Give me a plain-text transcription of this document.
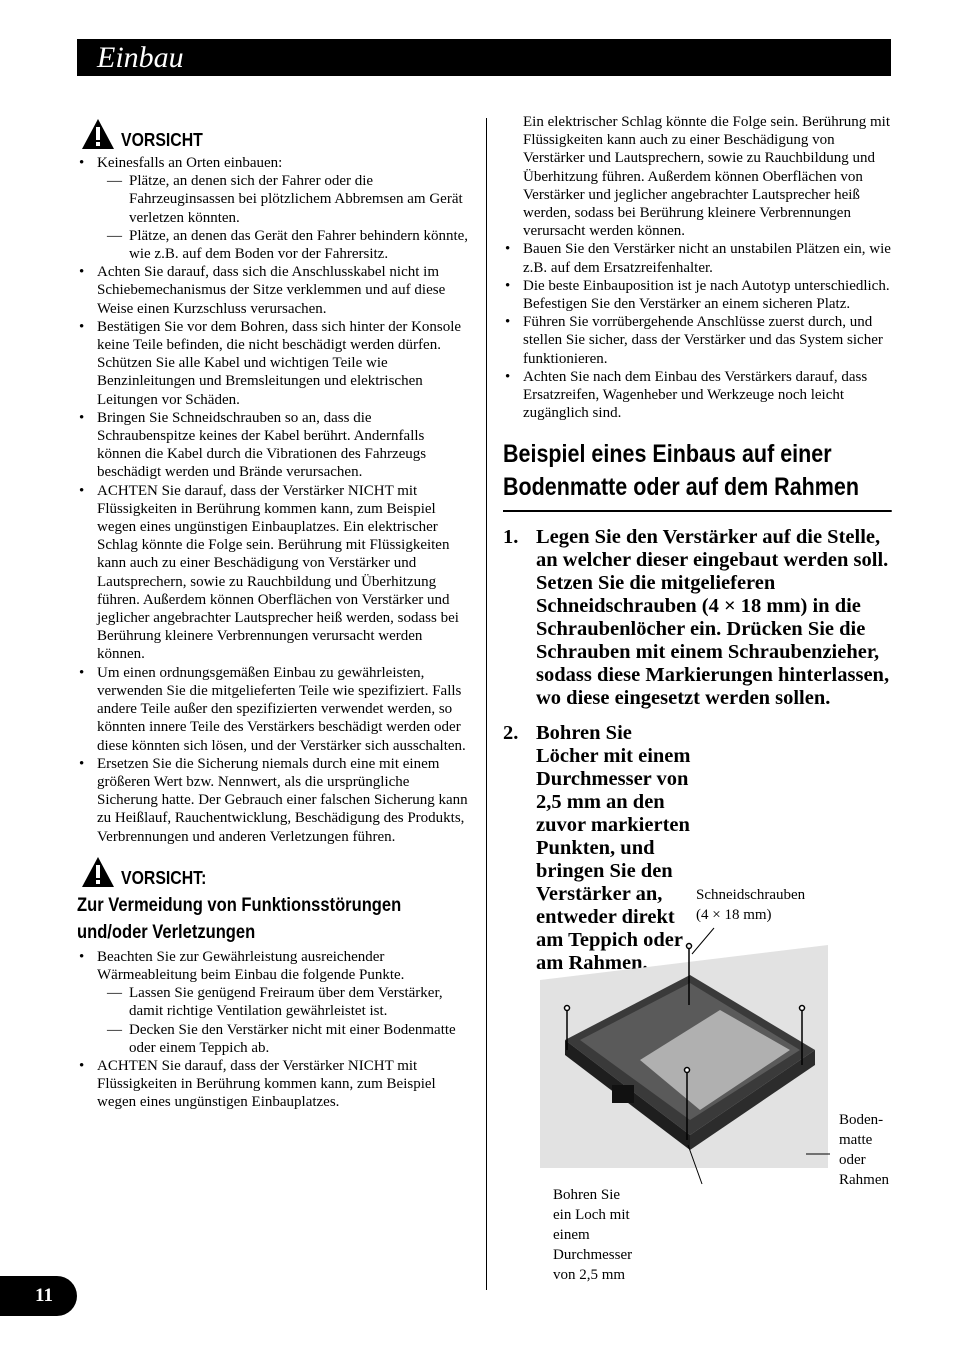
Einbau
VORSICHT
• Keinesfalls an Orten einbauen:
— Plätze, an denen sich der Fahrer oder die Fahrzeuginsassen bei plötzlichem Abbremsen am Gerät verletzen könnten.
— Plätze, an denen das Gerät den Fahrer behindern könnte, wie z.B. auf dem Boden vor der Fahrersitz.
• Achten Sie darauf, dass sich die Anschlusskabel nicht im Schiebemechanismus der Sitze verklemmen und auf diese Weise einen Kurzschluss verursachen.
• Bestätigen Sie vor dem Bohren, dass sich hinter der Konsole keine Teile befinden, die nicht beschädigt werden dürfen. Schützen Sie alle Kabel und wichtigen Teile wie Benzinleitungen und Bremsleitungen und elektrischen Leitungen vor Schäden.
• Bringen Sie Schneidschrauben so an, dass die Schraubenspitze keines der Kabel berührt. Andernfalls können die Kabel durch die Vibrationen des Fahrzeugs beschädigt werden und Brände verursachen.
• ACHTEN Sie darauf, dass der Verstärker NICHT mit Flüssigkeiten in Berührung kommen kann, zum Beispiel wegen eines ungünstigen Einbauplatzes. Ein elektrischer Schlag könnte die Folge sein. Berührung mit Flüssigkeiten kann auch zu einer Beschädigung von Verstärker und Lautsprechern, sowie zu Rauchbildung und Überhitzung führen. Außerdem können Oberflächen von Verstärker und jeglicher angebrachter Lautsprecher heiß werden, sodass bei Berührung kleinere Verbrennungen verursacht werden können.
• Um einen ordnungsgemäßen Einbau zu gewährleisten, verwenden Sie die mitgelieferten Teile wie spezifiziert. Falls andere Teile außer den spezifizierten verwendet werden, so könnten innere Teile des Verstärkers beschädigt werden oder diese könnten sich lösen, und der Verstärker sich ausschalten.
• Ersetzen Sie die Sicherung niemals durch eine mit einem größeren Wert bzw. Nennwert, als die ursprüngliche Sicherung hatte. Der Gebrauch einer falschen Sicherung kann zu Heißlauf, Rauchentwicklung, Beschädigung des Produkts, Verbrennungen und anderen Verletzungen führen.
VORSICHT:
Zur Vermeidung von Funktionsstörungen und/oder Verletzungen
• Beachten Sie zur Gewährleistung ausreichender Wärmeableitung beim Einbau die folgende Punkte.
— Lassen Sie genügend Freiraum über dem Verstärker, damit richtige Ventilation gewährleistet ist.
— Decken Sie den Verstärker nicht mit einer Bodenmatte oder einem Teppich ab.
• ACHTEN Sie darauf, dass der Verstärker NICHT mit Flüssigkeiten in Berührung kommen kann, zum Beispiel wegen eines ungünstigen Einbauplatzes.
Ein elektrischer Schlag könnte die Folge sein. Berührung mit Flüssigkeiten kann auch zu einer Beschädigung von Verstärker und Lautsprechern, sowie zu Rauchbildung und Überhitzung führen. Außerdem können Oberflächen von Verstärker und jeglicher angebrachter Lautsprecher heiß werden, sodass bei Berührung kleinere Verbrennungen verursacht werden können.
• Bauen Sie den Verstärker nicht an unstabilen Plätzen ein, wie z.B. auf dem Ersatzreifenhalter.
• Die beste Einbauposition ist je nach Autotyp unterschiedlich. Befestigen Sie den Verstärker an einem sicheren Platz.
• Führen Sie vorrübergehende Anschlüsse zuerst durch, und stellen Sie sicher, dass der Verstärker und das System sicher funktionieren.
• Achten Sie nach dem Einbau des Verstärkers darauf, dass Ersatzreifen, Wagenheber und Werkzeuge noch leicht zugänglich sind.
Beispiel eines Einbaus auf einer Bodenmatte oder auf dem Rahmen
1. Legen Sie den Verstärker auf die Stelle, an welcher dieser eingebaut werden soll. Setzen Sie die mitgelieferen Schneidschrauben (4 × 18 mm) in die Schraubenlöcher ein. Drücken Sie die Schrauben mit einem Schraubenzieher, sodass diese Markierungen hinterlassen, wo diese eingesetzt werden sollen.
2. Bohren Sie Löcher mit einem Durchmesser von 2,5 mm an den zuvor markierten Punkten, und bringen Sie den Verstärker an, entweder direkt am Teppich oder am Rahmen.
Schneidschrauben
(4 × 18 mm)
Boden-
matte
oder
Rahmen
Bohren Sie ein Loch mit einem
Durchmesser von 2,5 mm
11
